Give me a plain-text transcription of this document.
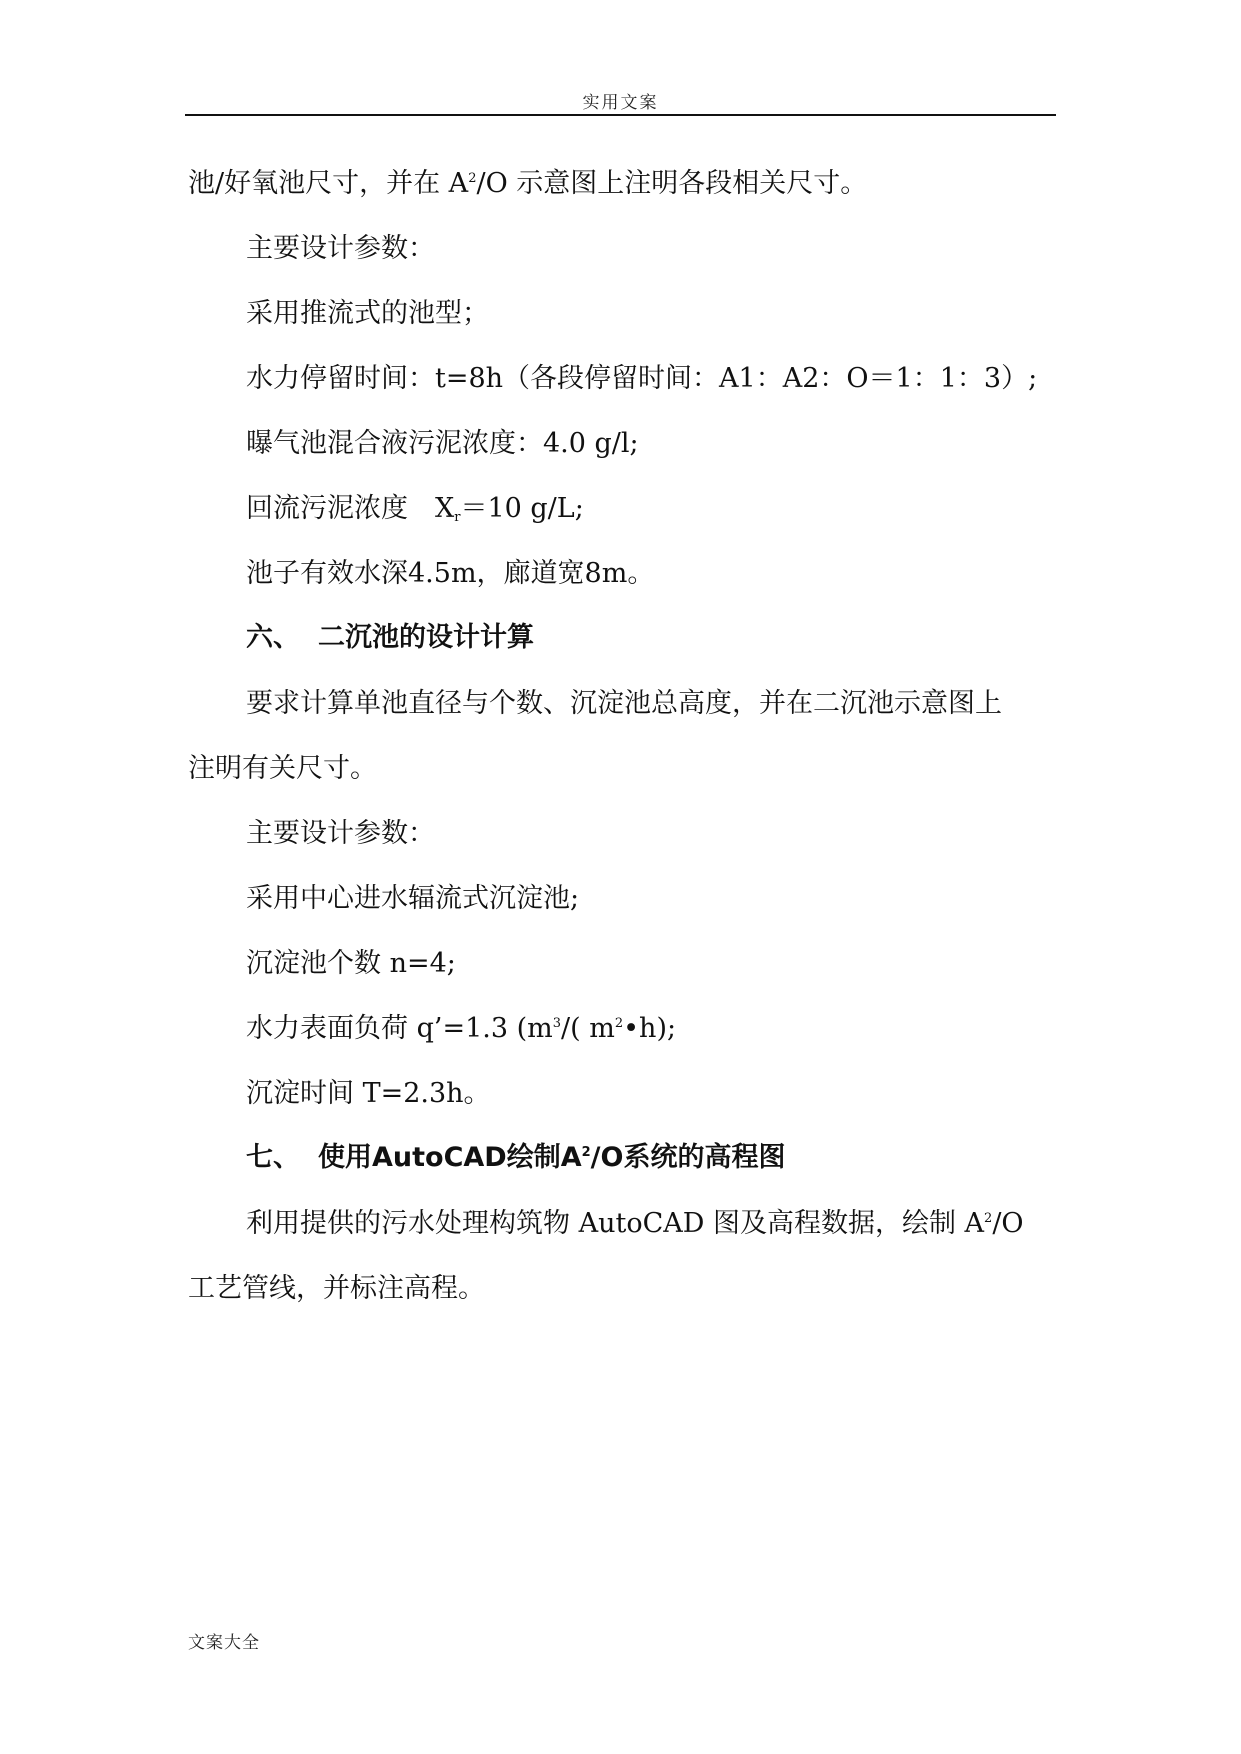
实用文案
池/好氧池尺寸，并在 $A^2/O$ 示意图上注明各段相关尺寸。
主要设计参数：
采用推流式的池型；
水力停留时间：t=8h（各段停留时间：A1：A2：O＝1：1：3）;
曝气池混合液污泥浓度：4.0 g/l;
回流污泥浓度　$X_r=10$ g/L;
池子有效水深4.5m，廊道宽8m。
六、 二沉池的设计计算
要求计算单池直径与个数、沉淀池总高度，并在二沉池示意图上
注明有关尺寸。
主要设计参数：
采用中心进水辐流式沉淀池;
沉淀池个数 n=4;
水力表面负荷 q’=1.3 ($m^3/$( $m^2•h$);
沉淀时间 T=2.3h。
七、 使用AutoCAD绘制$A^2/O$系统的高程图
利用提供的污水处理构筑物 AutoCAD 图及高程数据，绘制 $A^2/O$
工艺管线，并标注高程。
文案大全
